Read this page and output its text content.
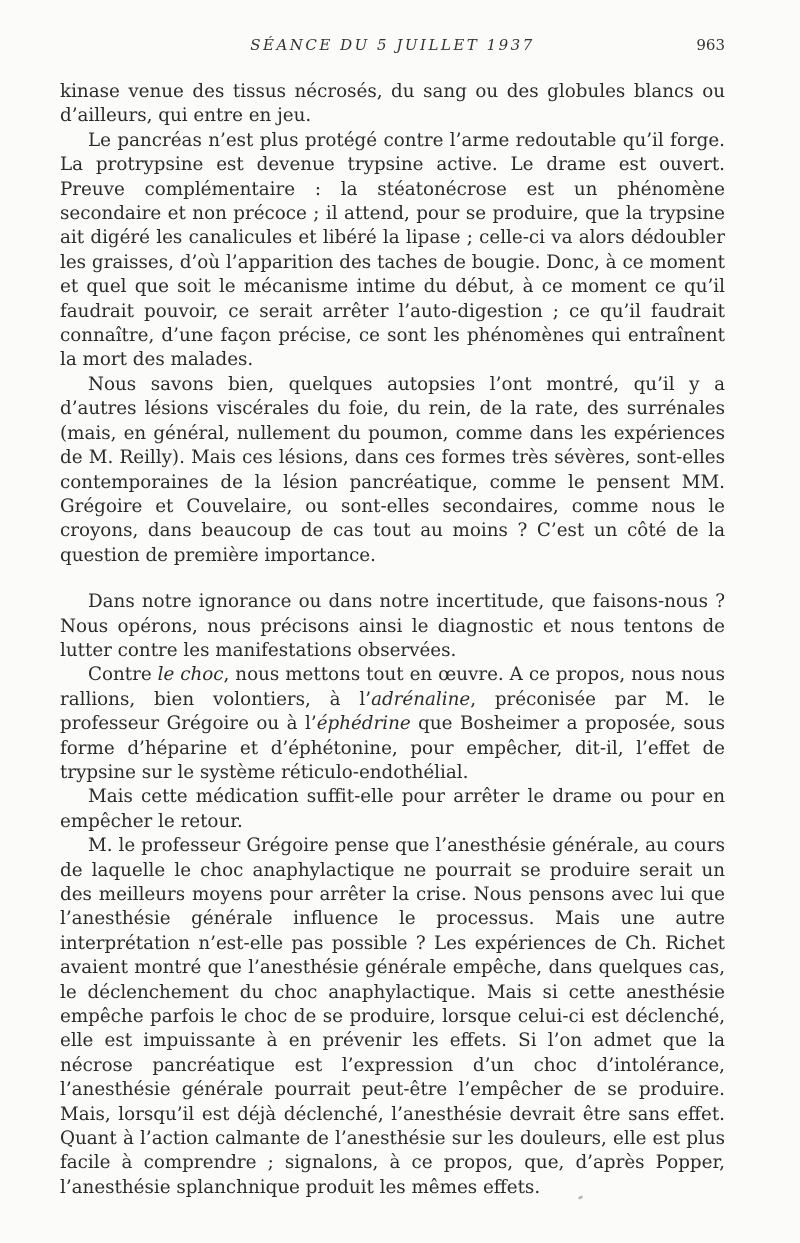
SÉANCE DU 5 JUILLET 1937	963

kinase venue des tissus nécrosés, du sang ou des globules blancs ou d’ailleurs, qui entre en jeu.

Le pancréas n’est plus protégé contre l’arme redoutable qu’il forge. La protrypsine est devenue trypsine active. Le drame est ouvert. Preuve complémentaire : la stéatonécrose est un phénomène secondaire et non précoce ; il attend, pour se produire, que la trypsine ait digéré les canalicules et libéré la lipase ; celle-ci va alors dédoubler les graisses, d’où l’apparition des taches de bougie. Donc, à ce moment et quel que soit le mécanisme intime du début, à ce moment ce qu’il faudrait pouvoir, ce serait arrêter l’auto-digestion ; ce qu’il faudrait connaître, d’une façon précise, ce sont les phénomènes qui entraînent la mort des malades.

Nous savons bien, quelques autopsies l’ont montré, qu’il y a d’autres lésions viscérales du foie, du rein, de la rate, des surrénales (mais, en général, nullement du poumon, comme dans les expériences de M. Reilly). Mais ces lésions, dans ces formes très sévères, sont-elles contemporaines de la lésion pancréatique, comme le pensent MM. Grégoire et Couvelaire, ou sont-elles secondaires, comme nous le croyons, dans beaucoup de cas tout au moins ? C’est un côté de la question de première importance.

Dans notre ignorance ou dans notre incertitude, que faisons-nous ? Nous opérons, nous précisons ainsi le diagnostic et nous tentons de lutter contre les manifestations observées.

Contre le choc, nous mettons tout en œuvre. A ce propos, nous nous rallions, bien volontiers, à l’adrénaline, préconisée par M. le professeur Grégoire ou à l’éphédrine que Bosheimer a proposée, sous forme d’héparine et d’éphétonine, pour empêcher, dit-il, l’effet de trypsine sur le système réticulo-endothélial.

Mais cette médication suffit-elle pour arrêter le drame ou pour en empêcher le retour.

M. le professeur Grégoire pense que l’anesthésie générale, au cours de laquelle le choc anaphylactique ne pourrait se produire serait un des meilleurs moyens pour arrêter la crise. Nous pensons avec lui que l’anesthésie générale influence le processus. Mais une autre interprétation n’est-elle pas possible ? Les expériences de Ch. Richet avaient montré que l’anesthésie générale empêche, dans quelques cas, le déclenchement du choc anaphylactique. Mais si cette anesthésie empêche parfois le choc de se produire, lorsque celui-ci est déclenché, elle est impuissante à en prévenir les effets. Si l’on admet que la nécrose pancréatique est l’expression d’un choc d’intolérance, l’anesthésie générale pourrait peut-être l’empêcher de se produire. Mais, lorsqu’il est déjà déclenché, l’anesthésie devrait être sans effet. Quant à l’action calmante de l’anesthésie sur les douleurs, elle est plus facile à comprendre ; signalons, à ce propos, que, d’après Popper, l’anesthésie splanchnique produit les mêmes effets.
